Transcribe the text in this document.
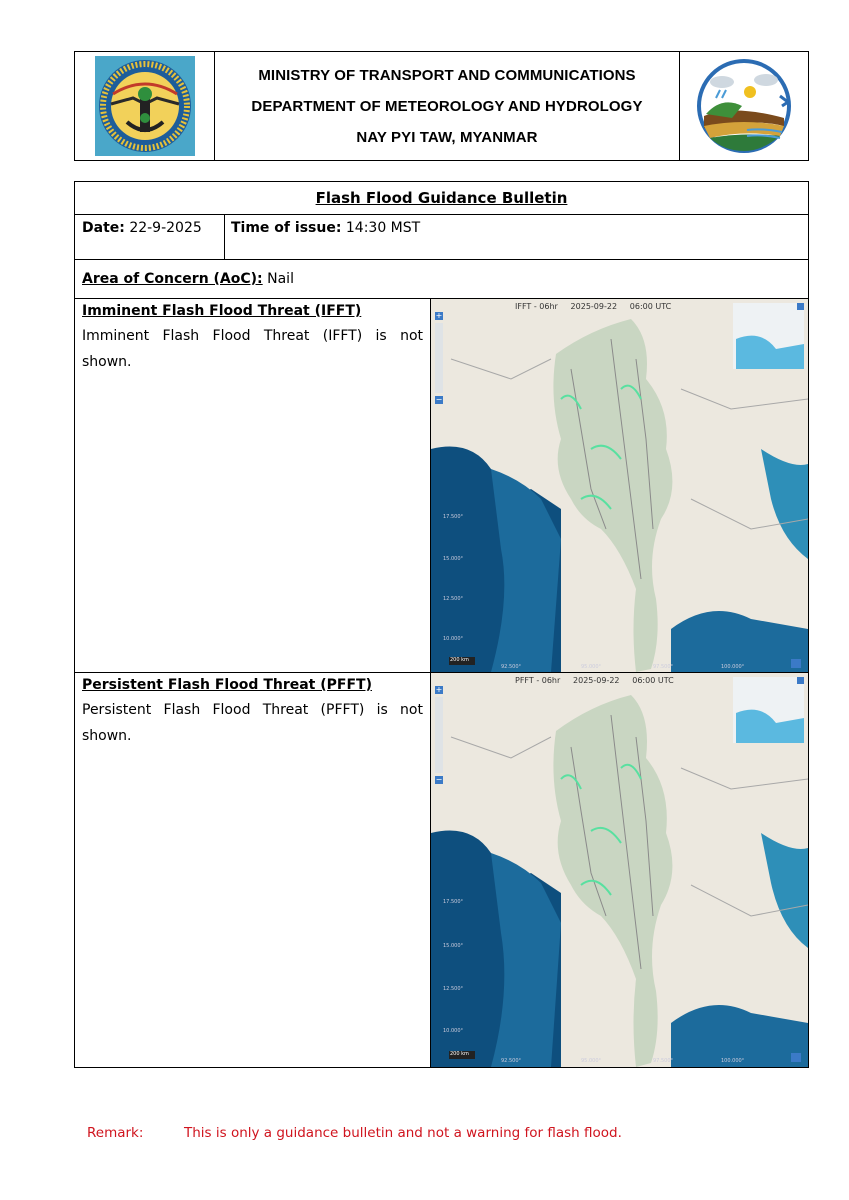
MINISTRY OF TRANSPORT AND COMMUNICATIONS
DEPARTMENT OF METEOROLOGY AND HYDROLOGY
NAY PYI TAW, MYANMAR
Flash Flood Guidance Bulletin
Date: 22-9-2025	Time of issue: 14:30 MST
Area of Concern (AoC):
Nail
Imminent Flash Flood Threat (IFFT)
Imminent Flash Flood Threat (IFFT) is not shown.
IFFT - 06hr 2025-09-22 06:00 UTC
+
−
200 km
17.500°
15.000°
12.500°
10.000°
92.500°	95.000°	97.500°	100.000°
Persistent Flash Flood Threat (PFFT)
Persistent Flash Flood Threat (PFFT) is not shown.
PFFT - 06hr 2025-09-22 06:00 UTC
+
−
200 km
17.500°
15.000°
12.500°
10.000°
92.500°	95.000°	97.500°	100.000°
Remark:	This is only a guidance bulletin and not a warning for flash flood.
